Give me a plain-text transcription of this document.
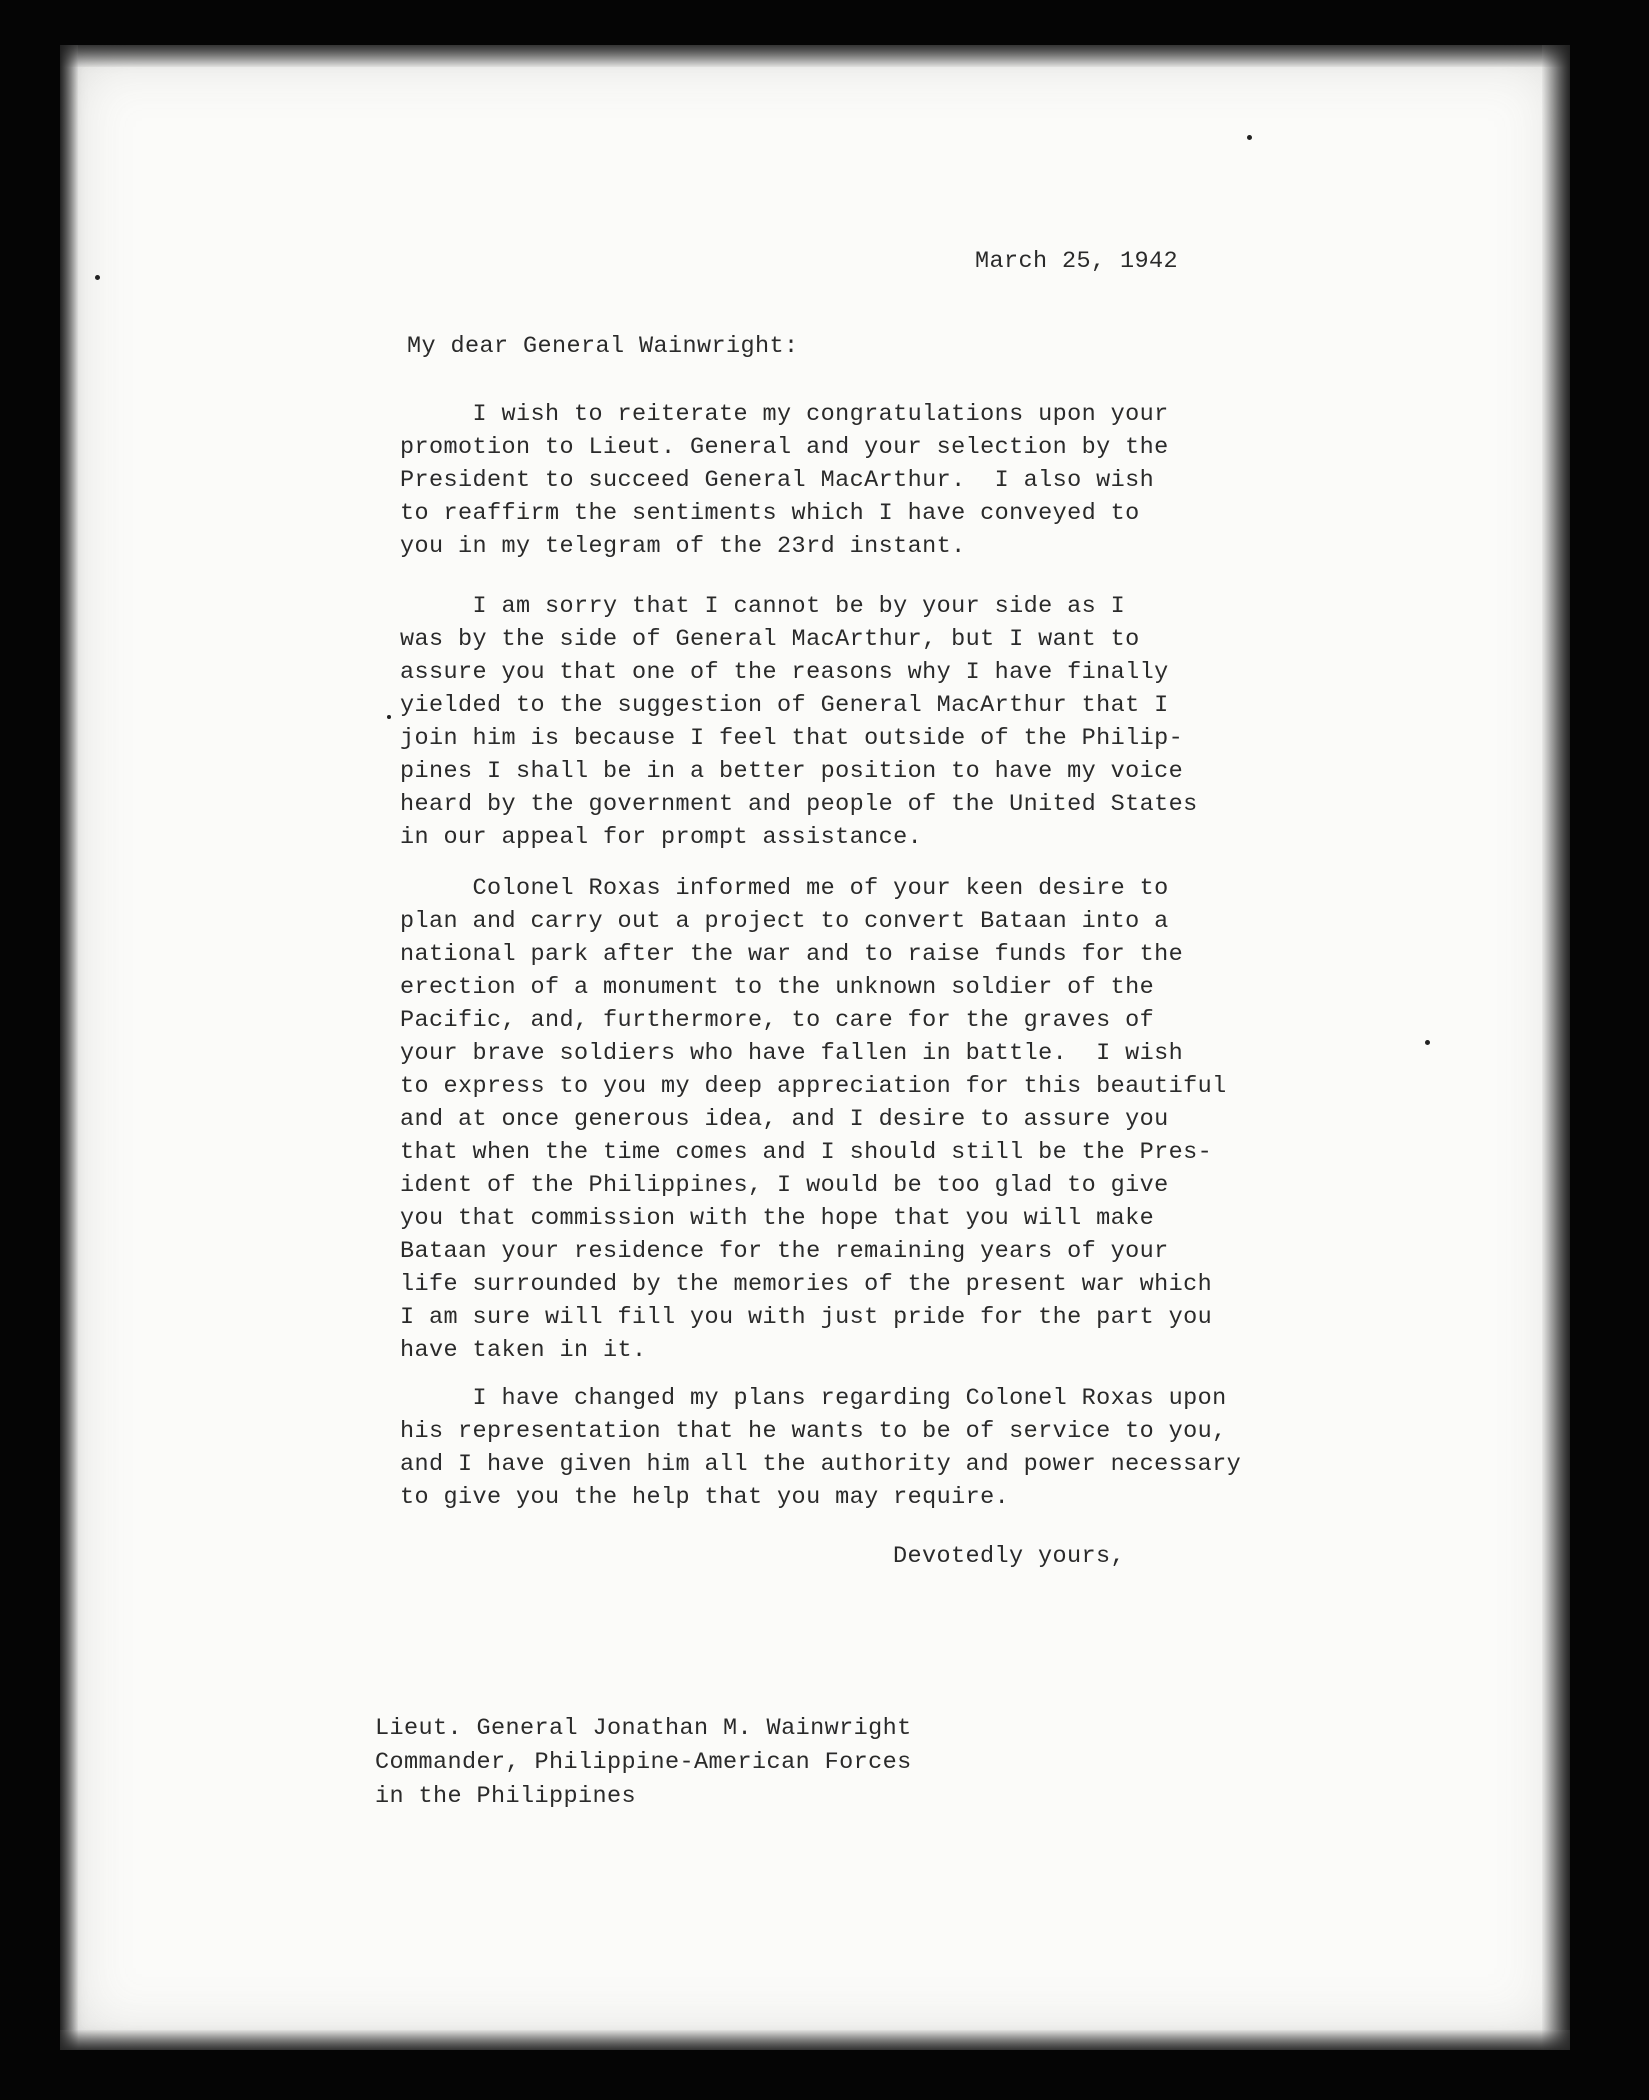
March 25, 1942
My dear General Wainwright:
I wish to reiterate my congratulations upon your
promotion to Lieut. General and your selection by the
President to succeed General MacArthur.  I also wish
to reaffirm the sentiments which I have conveyed to
you in my telegram of the 23rd instant.
I am sorry that I cannot be by your side as I
was by the side of General MacArthur, but I want to
assure you that one of the reasons why I have finally
yielded to the suggestion of General MacArthur that I
join him is because I feel that outside of the Philip-
pines I shall be in a better position to have my voice
heard by the government and people of the United States
in our appeal for prompt assistance.
Colonel Roxas informed me of your keen desire to
plan and carry out a project to convert Bataan into a
national park after the war and to raise funds for the
erection of a monument to the unknown soldier of the
Pacific, and, furthermore, to care for the graves of
your brave soldiers who have fallen in battle.  I wish
to express to you my deep appreciation for this beautiful
and at once generous idea, and I desire to assure you
that when the time comes and I should still be the Pres-
ident of the Philippines, I would be too glad to give
you that commission with the hope that you will make
Bataan your residence for the remaining years of your
life surrounded by the memories of the present war which
I am sure will fill you with just pride for the part you
have taken in it.
I have changed my plans regarding Colonel Roxas upon
his representation that he wants to be of service to you,
and I have given him all the authority and power necessary
to give you the help that you may require.
Devotedly yours,
Lieut. General Jonathan M. Wainwright
Commander, Philippine-American Forces
in the Philippines
